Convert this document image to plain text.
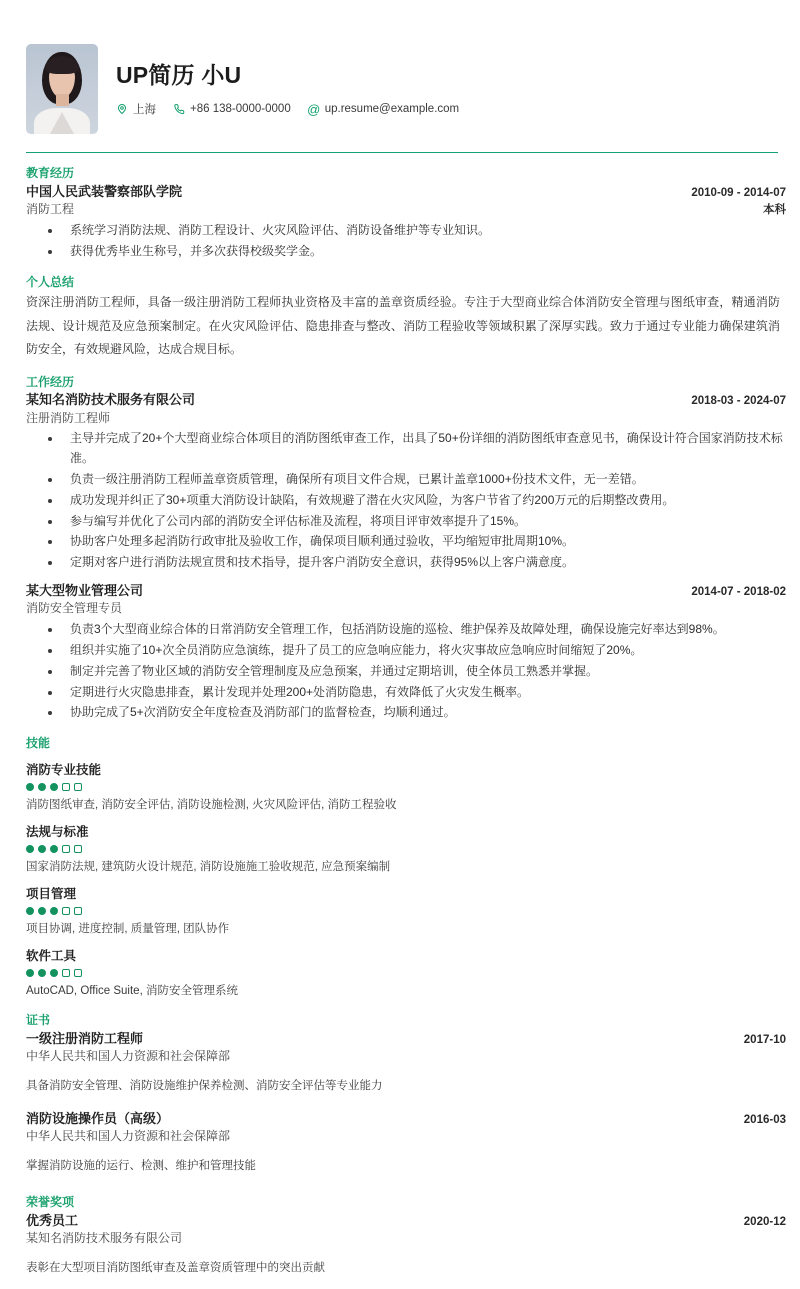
UP简历 小U
上海	+86 138-0000-0000 @ up.resume@example.com
教育经历
中国人民武装警察部队学院	2010-09 - 2014-07
消防工程	本科
系统学习消防法规、消防工程设计、火灾风险评估、消防设备维护等专业知识。
获得优秀毕业生称号，并多次获得校级奖学金。
个人总结
资深注册消防工程师，具备一级注册消防工程师执业资格及丰富的盖章资质经验。专注于大型商业综合体消防安全管理与图纸审查，精通消防法规、设计规范及应急预案制定。在火灾风险评估、隐患排查与整改、消防工程验收等领域积累了深厚实践。致力于通过专业能力确保建筑消防安全，有效规避风险，达成合规目标。
工作经历
某知名消防技术服务有限公司	2018-03 - 2024-07
注册消防工程师
主导并完成了20+个大型商业综合体项目的消防图纸审查工作，出具了50+份详细的消防图纸审查意见书，确保设计符合国家消防技术标准。
负责一级注册消防工程师盖章资质管理，确保所有项目文件合规，已累计盖章1000+份技术文件，无一差错。
成功发现并纠正了30+项重大消防设计缺陷，有效规避了潜在火灾风险，为客户节省了约200万元的后期整改费用。
参与编写并优化了公司内部的消防安全评估标准及流程，将项目评审效率提升了15%。
协助客户处理多起消防行政审批及验收工作，确保项目顺利通过验收，平均缩短审批周期10%。
定期对客户进行消防法规宣贯和技术指导，提升客户消防安全意识，获得95%以上客户满意度。
某大型物业管理公司	2014-07 - 2018-02
消防安全管理专员
负责3个大型商业综合体的日常消防安全管理工作，包括消防设施的巡检、维护保养及故障处理，确保设施完好率达到98%。
组织并实施了10+次全员消防应急演练，提升了员工的应急响应能力，将火灾事故应急响应时间缩短了20%。
制定并完善了物业区域的消防安全管理制度及应急预案，并通过定期培训，使全体员工熟悉并掌握。
定期进行火灾隐患排查，累计发现并处理200+处消防隐患，有效降低了火灾发生概率。
协助完成了5+次消防安全年度检查及消防部门的监督检查，均顺利通过。
技能
消防专业技能
消防图纸审查, 消防安全评估, 消防设施检测, 火灾风险评估, 消防工程验收
法规与标准
国家消防法规, 建筑防火设计规范, 消防设施施工验收规范, 应急预案编制
项目管理
项目协调, 进度控制, 质量管理, 团队协作
软件工具
AutoCAD, Office Suite, 消防安全管理系统
证书
一级注册消防工程师	2017-10
中华人民共和国人力资源和社会保障部
具备消防安全管理、消防设施维护保养检测、消防安全评估等专业能力
消防设施操作员（高级）	2016-03
中华人民共和国人力资源和社会保障部
掌握消防设施的运行、检测、维护和管理技能
荣誉奖项
优秀员工	2020-12
某知名消防技术服务有限公司
表彰在大型项目消防图纸审查及盖章资质管理中的突出贡献
